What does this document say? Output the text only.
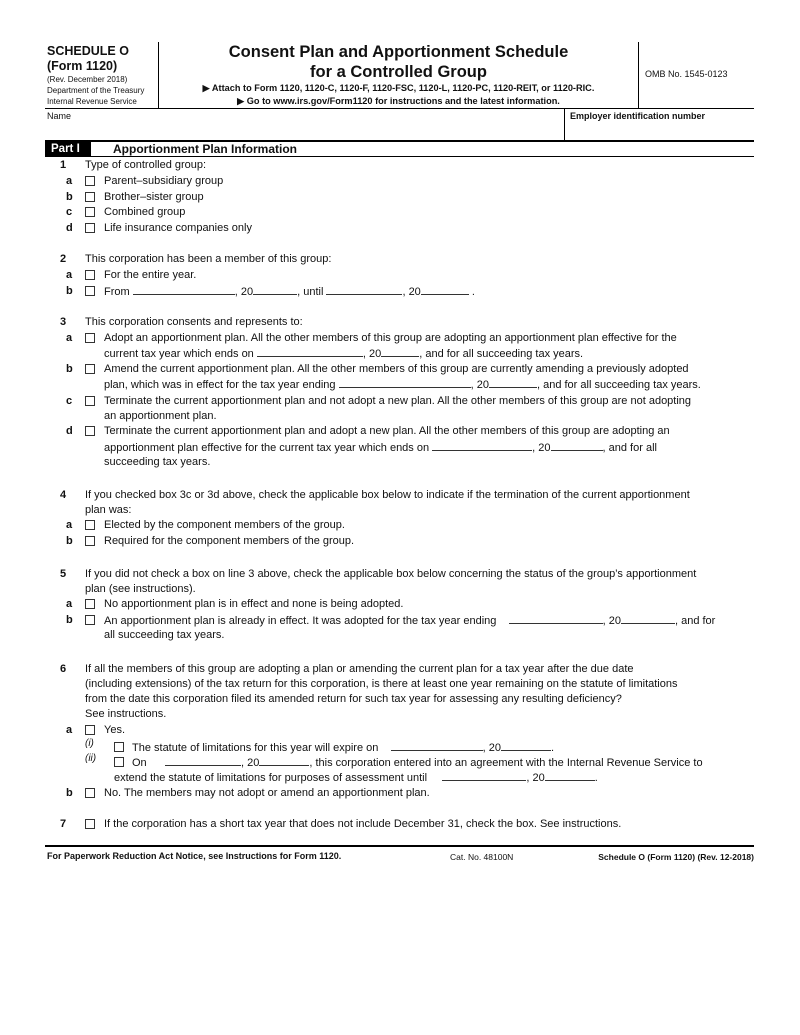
SCHEDULE O
(Form 1120)
(Rev. December 2018)
Department of the Treasury
Internal Revenue Service
Consent Plan and Apportionment Schedule
for a Controlled Group
▶ Attach to Form 1120, 1120-C, 1120-F, 1120-FSC, 1120-L, 1120-PC, 1120-REIT, or 1120-RIC.
▶ Go to www.irs.gov/Form1120 for instructions and the latest information.
OMB No. 1545-0123
Name	Employer identification number
Part I	Apportionment Plan Information
1 Type of controlled group:
a	Parent–subsidiary group
b	Brother–sister group
c	Combined group
d	Life insurance companies only
2 This corporation has been a member of this group:
a	For the entire year.
b	From	, 20	, until	, 20	.
3 This corporation consents and represents to:
a	Adopt an apportionment plan. All the other members of this group are adopting an apportionment plan effective for the
current tax year which ends on	, 20	, and for all succeeding tax years.
b	Amend the current apportionment plan. All the other members of this group are currently amending a previously adopted
plan, which was in effect for the tax year ending	, 20	, and for all succeeding tax years.
c	Terminate the current apportionment plan and not adopt a new plan. All the other members of this group are not adopting
an apportionment plan.
d	Terminate the current apportionment plan and adopt a new plan. All the other members of this group are adopting an
apportionment plan effective for the current tax year which ends on	, 20	, and for all
succeeding tax years.
4 If you checked box 3c or 3d above, check the applicable box below to indicate if the termination of the current apportionment
plan was:
a	Elected by the component members of the group.
b	Required for the component members of the group.
5 If you did not check a box on line 3 above, check the applicable box below concerning the status of the group’s apportionment
plan (see instructions).
a	No apportionment plan is in effect and none is being adopted.
b	An apportionment plan is already in effect. It was adopted for the tax year ending	, 20	, and for
all succeeding tax years.
6 If all the members of this group are adopting a plan or amending the current plan for a tax year after the due date
(including extensions) of the tax return for this corporation, is there at least one year remaining on the statute of limitations
from the date this corporation filed its amended return for such tax year for assessing any resulting deficiency?
See instructions.
a	Yes.
(i)	The statute of limitations for this year will expire on	, 20	.
(ii)	On	, 20	, this corporation entered into an agreement with the Internal Revenue Service to
extend the statute of limitations for purposes of assessment until	, 20	.
b	No. The members may not adopt or amend an apportionment plan.
7	If the corporation has a short tax year that does not include December 31, check the box. See instructions.
For Paperwork Reduction Act Notice, see Instructions for Form 1120.	Cat. No. 48100N	Schedule O (Form 1120) (Rev. 12-2018)
